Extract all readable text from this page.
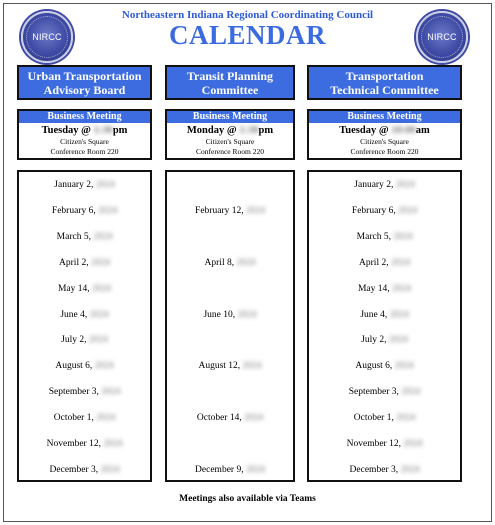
NIRCC	NIRCC
Northeastern Indiana Regional Coordinating Council
CALENDAR
Urban Transportation
Advisory Board
Business Meeting
Tuesday @ 1:30pm
Citizen's Square
Conference Room 220
January 2, 2024
February 6, 2024
March 5, 2024
April 2, 2024
May 14, 2024
June 4, 2024
July 2, 2024
August 6, 2024
September 3, 2024
October 1, 2024
November 12, 2024
December 3, 2024
Transit Planning
Committee
Business Meeting
Monday @ 1:30pm
Citizen's Square
Conference Room 220
February 12, 2024
April 8, 2024
June 10, 2024
August 12, 2024
October 14, 2024
December 9, 2024
Transportation
Technical Committee
Business Meeting
Tuesday @ 10:00am
Citizen's Square
Conference Room 220
January 2, 2024
February 6, 2024
March 5, 2024
April 2, 2024
May 14, 2024
June 4, 2024
July 2, 2024
August 6, 2024
September 3, 2024
October 1, 2024
November 12, 2024
December 3, 2024
Meetings also available via Teams
